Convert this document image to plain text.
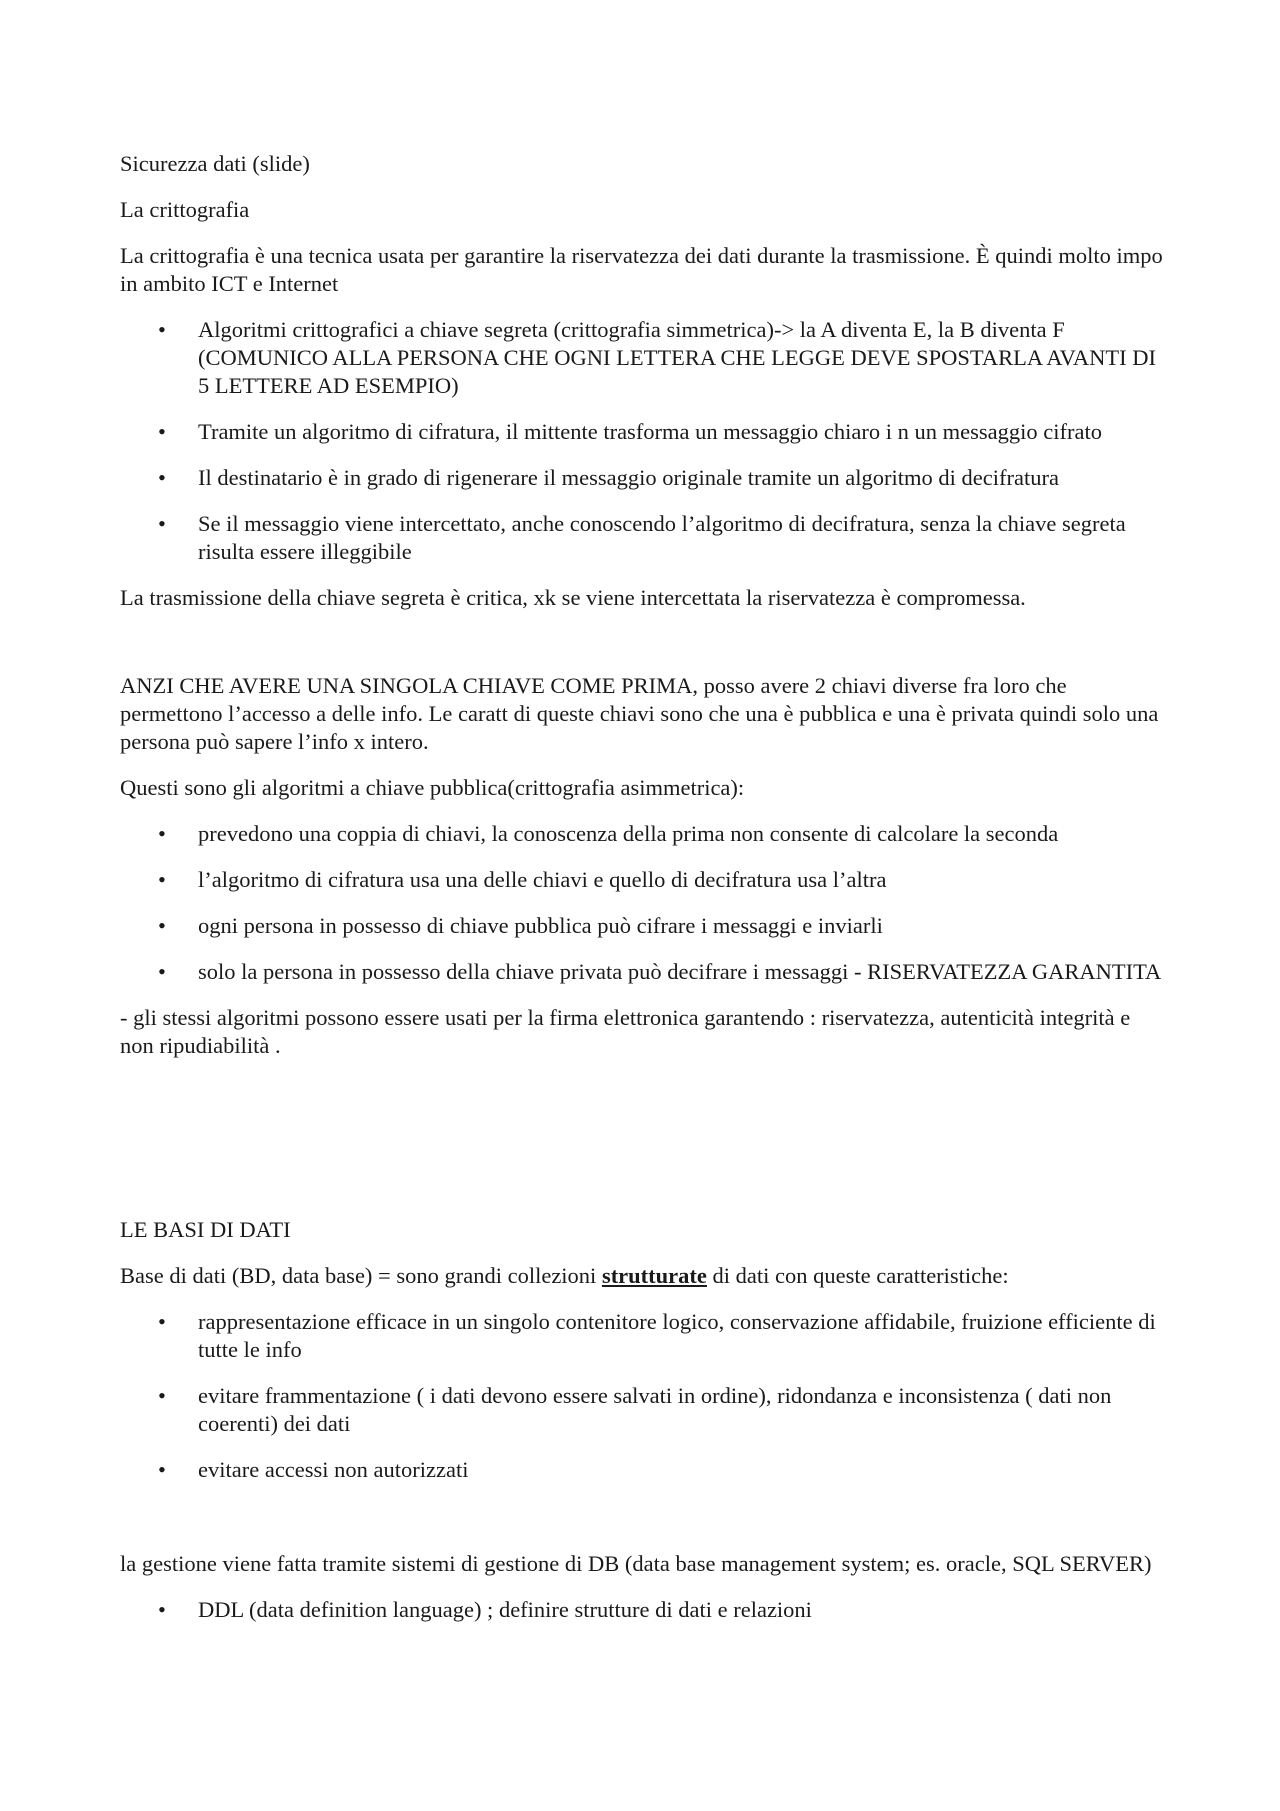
Sicurezza dati (slide)

La crittografia

La crittografia è una tecnica usata per garantire la riservatezza dei dati durante la trasmissione. È quindi molto impo in ambito ICT e Internet

• Algoritmi crittografici a chiave segreta (crittografia simmetrica)-> la A diventa E, la B diventa F (COMUNICO ALLA PERSONA CHE OGNI LETTERA CHE LEGGE DEVE SPOSTARLA AVANTI DI 5 LETTERE AD ESEMPIO)
• Tramite un algoritmo di cifratura, il mittente trasforma un messaggio chiaro i n un messaggio cifrato
• Il destinatario è in grado di rigenerare il messaggio originale tramite un algoritmo di decifratura
• Se il messaggio viene intercettato, anche conoscendo l’algoritmo di decifratura, senza la chiave segreta risulta essere illeggibile

La trasmissione della chiave segreta è critica, xk se viene intercettata la riservatezza è compromessa.

ANZI CHE AVERE UNA SINGOLA CHIAVE COME PRIMA, posso avere 2 chiavi diverse fra loro che permettono l’accesso a delle info. Le caratt di queste chiavi sono che una è pubblica e una è privata quindi solo una persona può sapere l’info x intero.

Questi sono gli algoritmi a chiave pubblica(crittografia asimmetrica):

• prevedono una coppia di chiavi, la conoscenza della prima non consente di calcolare la seconda
• l’algoritmo di cifratura usa una delle chiavi e quello di decifratura usa l’altra
• ogni persona in possesso di chiave pubblica può cifrare i messaggi e inviarli
• solo la persona in possesso della chiave privata può decifrare i messaggi - RISERVATEZZA GARANTITA

- gli stessi algoritmi possono essere usati per la firma elettronica garantendo : riservatezza, autenticità integrità e non ripudiabilità .

LE BASI DI DATI

Base di dati (BD, data base) = sono grandi collezioni strutturate di dati con queste caratteristiche:

• rappresentazione efficace in un singolo contenitore logico, conservazione affidabile, fruizione efficiente di tutte le info
• evitare frammentazione ( i dati devono essere salvati in ordine), ridondanza e inconsistenza ( dati non coerenti) dei dati
• evitare accessi non autorizzati

la gestione viene fatta tramite sistemi di gestione di DB (data base management system; es. oracle, SQL SERVER)

• DDL (data definition language) ; definire strutture di dati e relazioni
